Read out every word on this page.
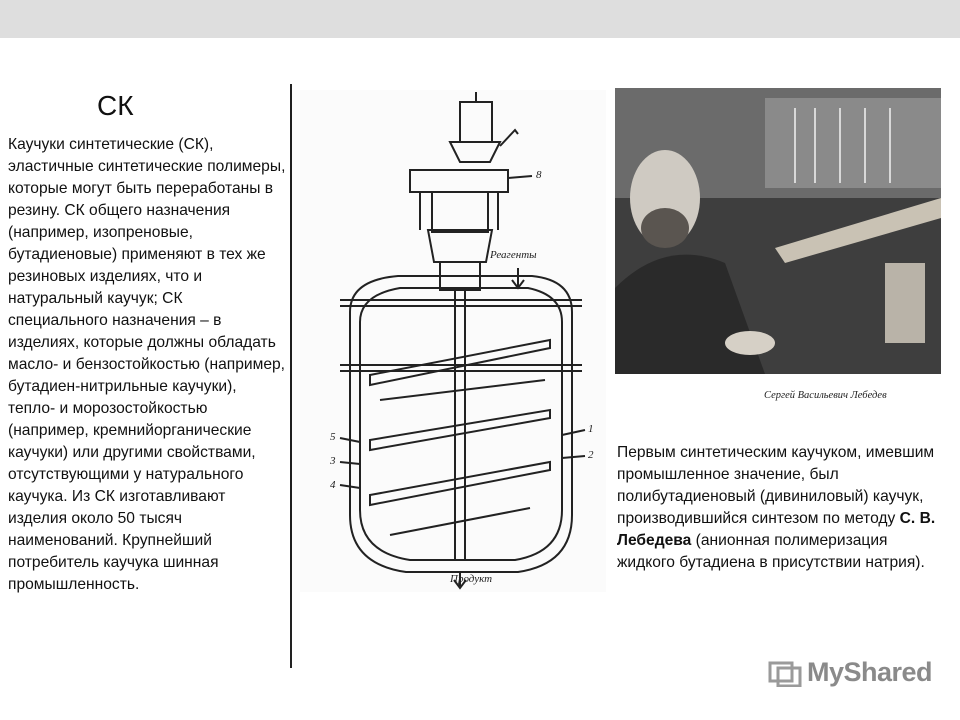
СК
Каучуки синтетические (СК), эластичные синтетические полимеры, которые могут быть переработаны в резину. СК общего назначения (например, изопреновые, бутадиеновые) применяют в тех же резиновых изделиях, что и натуральный каучук; СК специального назначения – в изделиях, которые должны обладать масло- и бензостойкостью (например, бутадиен-нитрильные каучуки), тепло- и морозостойкостью (например, кремнийорганические каучуки) или другими свойствами, отсутствующими у натурального каучука. Из СК изготавливают изделия около 50 тысяч наименований. Крупнейший потребитель каучука шинная промышленность.
Реагенты
Продукт
8
1
2
5
3
4
Сергей Васильевич Лебедев
Первым синтетическим каучуком, имевшим промышленное значение, был полибутадиеновый (дивиниловый) каучук, производившийся синтезом по методу С. В. Лебедева (анионная полимеризация жидкого бутадиена в присутствии натрия).
MyShared
